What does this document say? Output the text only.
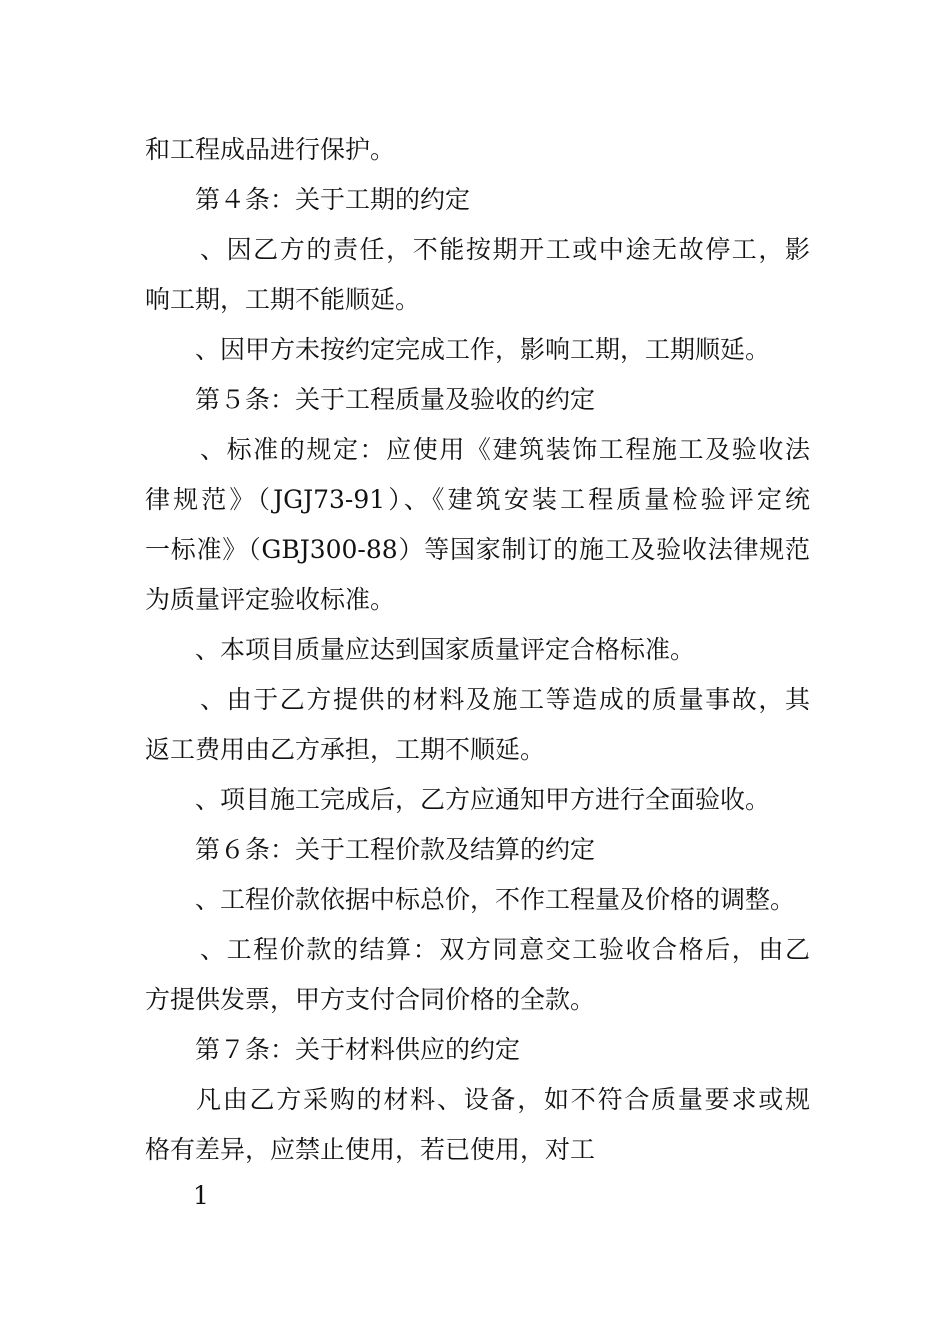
和工程成品进行保护。
第４条：关于工期的约定
、因乙方的责任，不能按期开工或中途无故停工，影
响工期，工期不能顺延。
、因甲方未按约定完成工作，影响工期，工期顺延。
第５条：关于工程质量及验收的约定
、标准的规定：应使用《建筑装饰工程施工及验收法
律规范》（JGJ73-91）、《建筑安装工程质量检验评定统
一标准》（GBJ300-88）等国家制订的施工及验收法律规范
为质量评定验收标准。
、本项目质量应达到国家质量评定合格标准。
、由于乙方提供的材料及施工等造成的质量事故，其
返工费用由乙方承担，工期不顺延。
、项目施工完成后，乙方应通知甲方进行全面验收。
第６条：关于工程价款及结算的约定
、工程价款依据中标总价，不作工程量及价格的调整。
、工程价款的结算：双方同意交工验收合格后，由乙
方提供发票，甲方支付合同价格的全款。
第７条：关于材料供应的约定
凡由乙方采购的材料、设备，如不符合质量要求或规
格有差异，应禁止使用，若已使用，对工
1
